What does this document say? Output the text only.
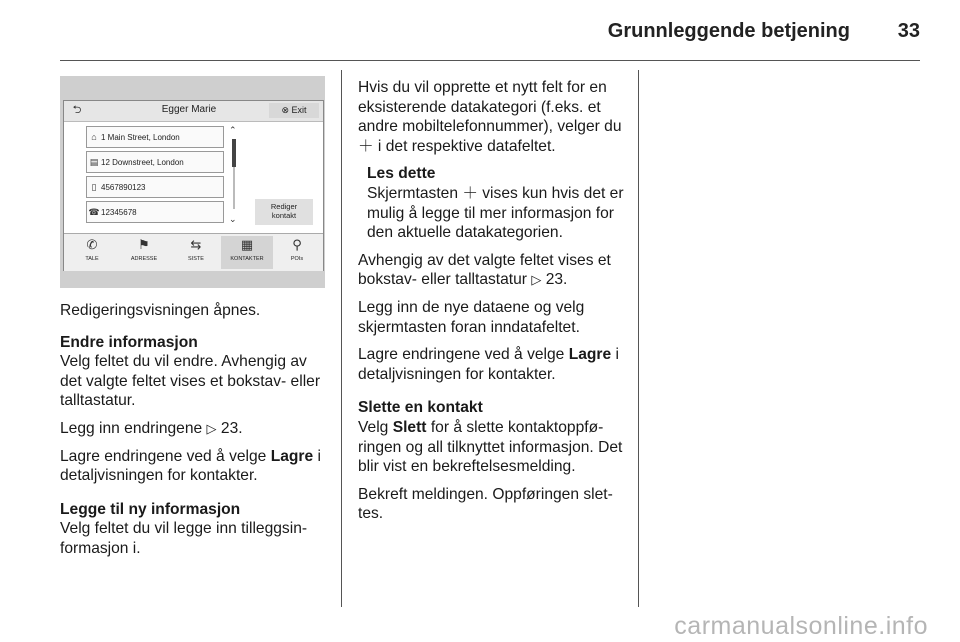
Grunnleggende betjening	33
⮌	Egger Marie	⊗ Exit
⌂ 1 Main Street, London
▤ 12 Downstreet, London
▯ 4567890123
☎12345678
⌃
⌄
Rediger
kontakt
✆
TALE
⚑
ADRESSE
⇆
SISTE
▦
KONTAKTER
⚲
POIs

Redigeringsvisningen åpnes.

Endre informasjon

Velg feltet du vil endre. Avhengig av det valgte feltet vises et bokstav- eller talltastatur.

Legg inn endringene ▷ 23.

Lagre endringene ved å velge Lagre i detaljvisningen for kontakter.

Legge til ny informasjon

Velg feltet du vil legge inn tilleggsinformasjon i.

Hvis du vil opprette et nytt felt for en eksisterende datakategori (f.eks. et andre mobiltelefonnummer), velger du ＋ i det respektive datafeltet.

Les dette

Skjermtasten ＋ vises kun hvis det er mulig å legge til mer informasjon for den aktuelle datakategorien.

Avhengig av det valgte feltet vises et bokstav- eller talltastatur ▷ 23.

Legg inn de nye dataene og velg skjermtasten foran inndatafeltet.

Lagre endringene ved å velge Lagre i detaljvisningen for kontakter.

Slette en kontakt

Velg Slett for å slette kontaktoppføringen og all tilknyttet informasjon. Det blir vist en bekreftelsesmelding.

Bekreft meldingen. Oppføringen slettes.

carmanualsonline.info
